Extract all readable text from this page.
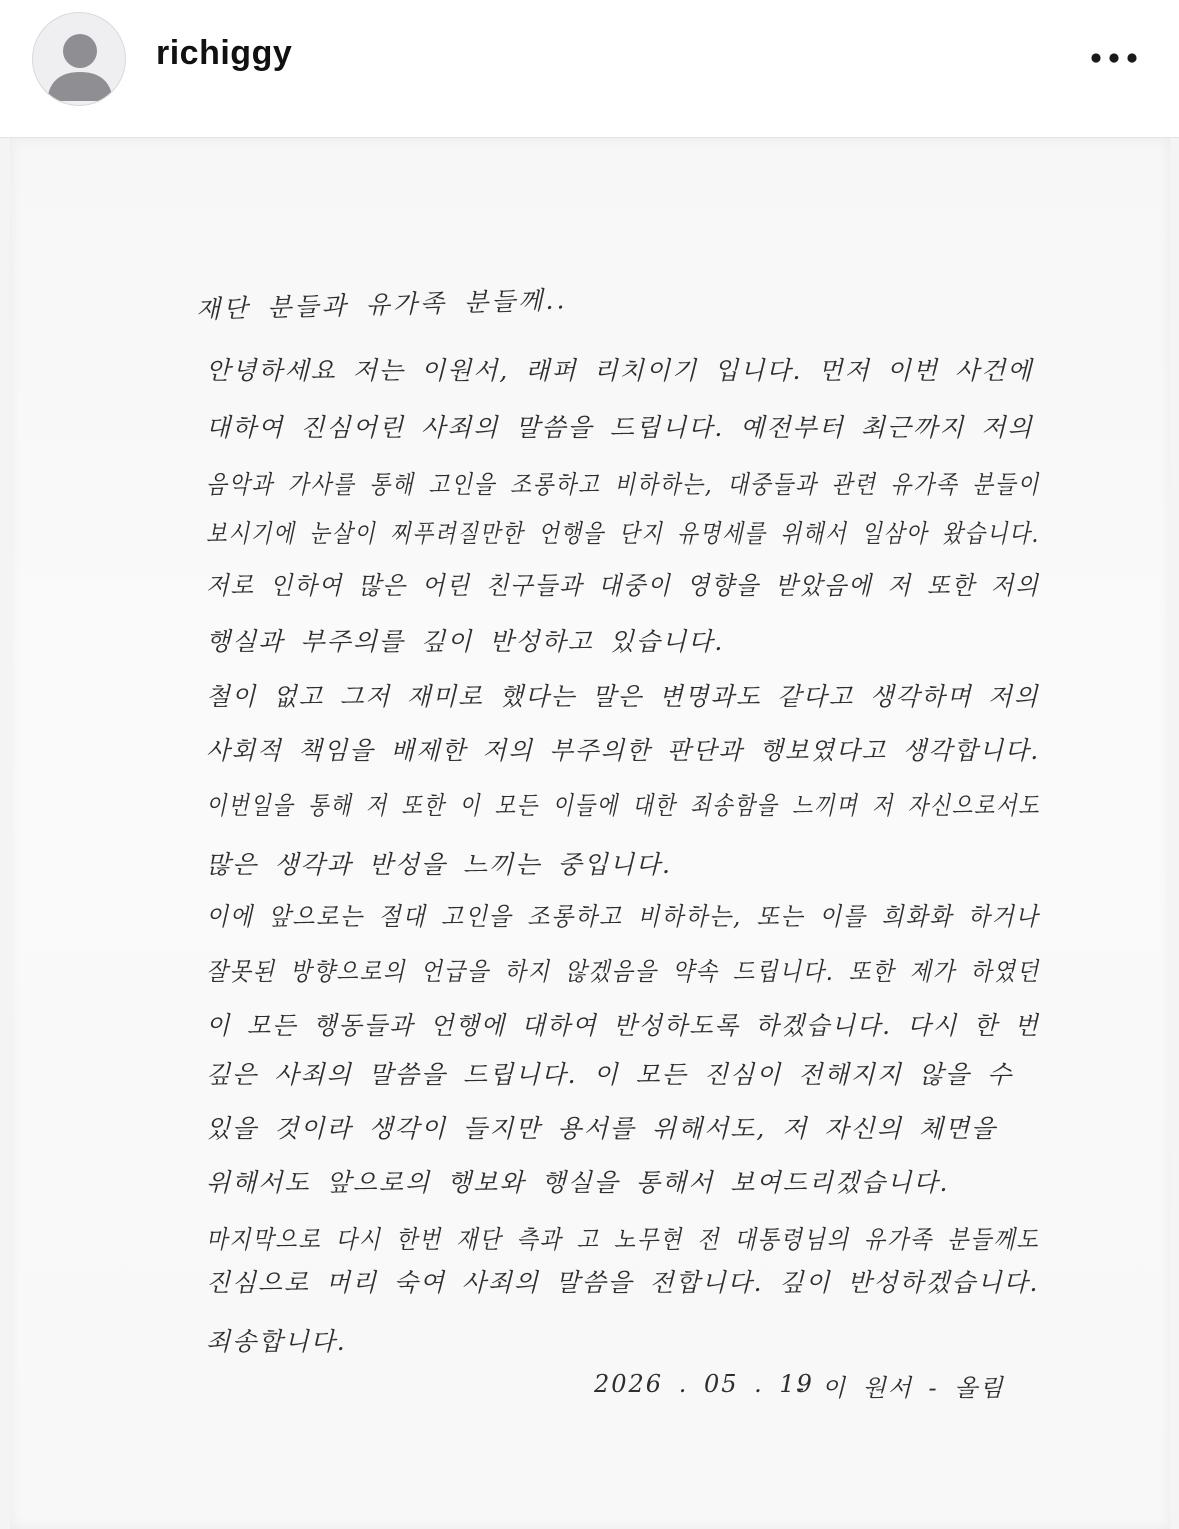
richiggy
재단 분들과 유가족 분들께..
안녕하세요 저는 이원서, 래퍼 리치이기 입니다. 먼저 이번 사건에
대하여 진심어린 사죄의 말씀을 드립니다. 예전부터 최근까지 저의
음악과 가사를 통해 고인을 조롱하고 비하하는, 대중들과 관련 유가족 분들이
보시기에 눈살이 찌푸려질만한 언행을 단지 유명세를 위해서 일삼아 왔습니다.
저로 인하여 많은 어린 친구들과 대중이 영향을 받았음에 저 또한 저의
행실과 부주의를 깊이 반성하고 있습니다.
철이 없고 그저 재미로 했다는 말은 변명과도 같다고 생각하며 저의
사회적 책임을 배제한 저의 부주의한 판단과 행보였다고 생각합니다.
이번일을 통해 저 또한 이 모든 이들에 대한 죄송함을 느끼며 저 자신으로서도
많은 생각과 반성을 느끼는 중입니다.
이에 앞으로는 절대 고인을 조롱하고 비하하는, 또는 이를 희화화 하거나
잘못된 방향으로의 언급을 하지 않겠음을 약속 드립니다. 또한 제가 하였던
이 모든 행동들과 언행에 대하여 반성하도록 하겠습니다. 다시 한 번
깊은 사죄의 말씀을 드립니다. 이 모든 진심이 전해지지 않을 수
있을 것이라 생각이 들지만 용서를 위해서도, 저 자신의 체면을
위해서도 앞으로의 행보와 행실을 통해서 보여드리겠습니다.
마지막으로 다시 한번 재단 측과 고 노무현 전 대통령님의 유가족 분들께도
진심으로 머리 숙여 사죄의 말씀을 전합니다. 깊이 반성하겠습니다.
죄송합니다.
2026 . 05 . 19
- 이 원서 - 올림
